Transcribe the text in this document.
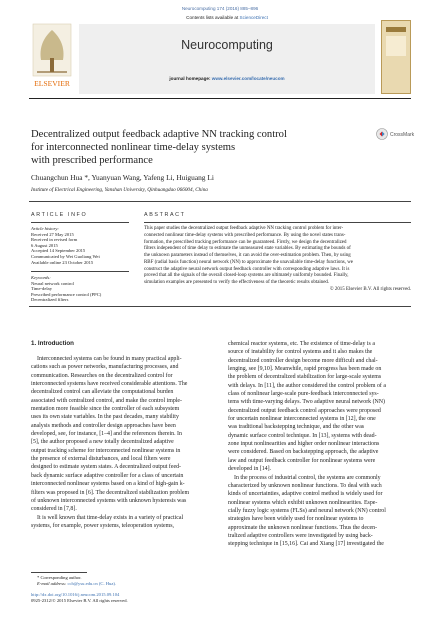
Neurocomputing 174 (2016) 885–896
ELSEVIER
Contents lists available at ScienceDirect
Neurocomputing
journal homepage: www.elsevier.com/locate/neucom
Decentralized output feedback adaptive NN tracking control
for interconnected nonlinear time-delay systems
with prescribed performance
CrossMark
Chuangchun Hua *, Yuanyuan Wang, Yafeng Li, Huiguang Li
Institute of Electrical Engineering, Yanshan University, Qinhuangdao 066004, China
ARTICLE INFO
Article history:
Received 27 May 2015
Received in revised form
6 August 2015
Accepted 14 September 2015
Communicated by Wei Guoliang Wei
Available online 23 October 2015
Keywords:
Neural network control
Time-delay
Prescribed performance control (PPC)
Decentralized filters
ABSTRACT
This paper studies the decentralized output feedback adaptive NN tracking control problem for inter-
connected nonlinear time-delay systems with prescribed performance. By using the novel states trans-
formation, the prescribed tracking performance can be guaranteed. Firstly, we design the decentralized
filters independent of time delay to estimate the unmeasured state variables. By estimating the bounds of
the unknown parameters instead of themselves, it can avoid the over-estimation problem. Then, by using
RBF (radial basis function) neural network (NN) to approximate the unavailable time-delay functions, we
construct the adaptive neural network output feedback controller with corresponding adaptive laws. It is
proved that all the signals of the overall closed-loop systems are ultimately uniformly bounded. Finally,
simulation examples are presented to verify the effectiveness of the theoretic results obtained.
© 2015 Elsevier B.V. All rights reserved.
1. Introduction
Interconnected systems can be found in many practical appli-
cations such as power networks, manufacturing processes, and
communication. Researches on the decentralized control for
interconnected systems have received considerable attentions. The
decentralized control can alleviate the computational burden
associated with centralized control, and make the control imple-
mentation more feasible since the controller of each subsystem
uses its own state variables. In the past decades, many stability
analysis methods and controller design approaches have been
developed, see, for instance, [1–4] and the references therein. In
[5], the author proposed a new totally decentralized adaptive
output tracking scheme for interconnected nonlinear systems in
the presence of external disturbances, and local filters were
designed to estimate system states. A decentralized output feed-
back dynamic surface adaptive controller for a class of uncertain
interconnected nonlinear systems based on a kind of high-gain k-
filters was proposed in [6]. The decentralized stabilization problem
of unknown interconnected systems with unknown hysteresis was
considered in [7,8].
It is well known that time-delay exists in a variety of practical
systems, for example, power systems, teleoperation systems,
chemical reactor systems, etc. The existence of time-delay is a
source of instability for control systems and it also makes the
decentralized controller design become more difficult and chal-
lenging, see [9,10]. Meanwhile, rapid progress has been made on
the problem of decentralized stabilization for large-scale systems
with delays. In [11], the author considered the control problem of a
class of nonlinear large-scale pure-feedback interconnected sys-
tems with time-varying delays. Two adaptive neural network (NN)
decentralized output feedback control approaches were proposed
for uncertain nonlinear interconnected systems in [12], the one
was traditional backstepping technique, and the other was
dynamic surface control technique. In [13], systems with dead-
zone input nonlinearities and higher order nonlinear interactions
were considered. Based on backstepping approach, the adaptive
law and output feedback controller for nonlinear systems were
developed in [14].
In the process of industrial control, the systems are commonly
characterized by unknown nonlinear functions. To deal with such
kinds of uncertainties, adaptive control method is widely used for
nonlinear systems which exhibit unknown nonlinearities. Espe-
cially fuzzy logic systems (FLSs) and neural network (NN) control
strategies have been widely used for nonlinear systems to
approximate the unknown nonlinear functions. Thus the decen-
tralized adaptive controllers were investigated by using back-
stepping technique in [15,16]. Cai and Xiang [17] investigated the
* Corresponding author.
E-mail address: cch@ysu.edu.cn (C. Hua).
http://dx.doi.org/10.1016/j.neucom.2015.09.104
0925-2312/© 2015 Elsevier B.V. All rights reserved.
